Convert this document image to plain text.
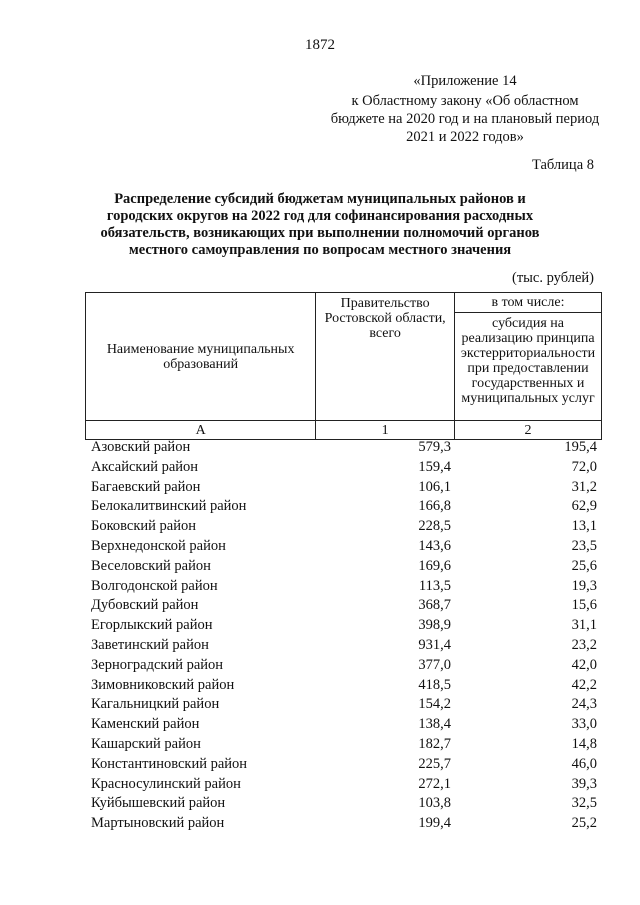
1872
«Приложение 14
к Областному закону «Об областном бюджете на 2020 год и на плановый период 2021 и 2022 годов»
Таблица 8
Распределение субсидий бюджетам муниципальных районов и городских округов на 2022 год для софинансирования расходных обязательств, возникающих при выполнении полномочий органов местного самоуправления по вопросам местного значения
(тыс. рублей)
Наименование муниципальных образований	Правительство Ростовской области, всего	в том числе:
		субсидия на реализацию принципа экстерриториальности при предоставлении государственных и муниципальных услуг
А	1	2
Азовский район	579,3	195,4
Аксайский район	159,4	72,0
Багаевский район	106,1	31,2
Белокалитвинский район	166,8	62,9
Боковский район	228,5	13,1
Верхнедонской район	143,6	23,5
Веселовский район	169,6	25,6
Волгодонской район	113,5	19,3
Дубовский район	368,7	15,6
Егорлыкский район	398,9	31,1
Заветинский район	931,4	23,2
Зерноградский район	377,0	42,0
Зимовниковский район	418,5	42,2
Кагальницкий район	154,2	24,3
Каменский район	138,4	33,0
Кашарский район	182,7	14,8
Константиновский район	225,7	46,0
Красносулинский район	272,1	39,3
Куйбышевский район	103,8	32,5
Мартыновский район	199,4	25,2
